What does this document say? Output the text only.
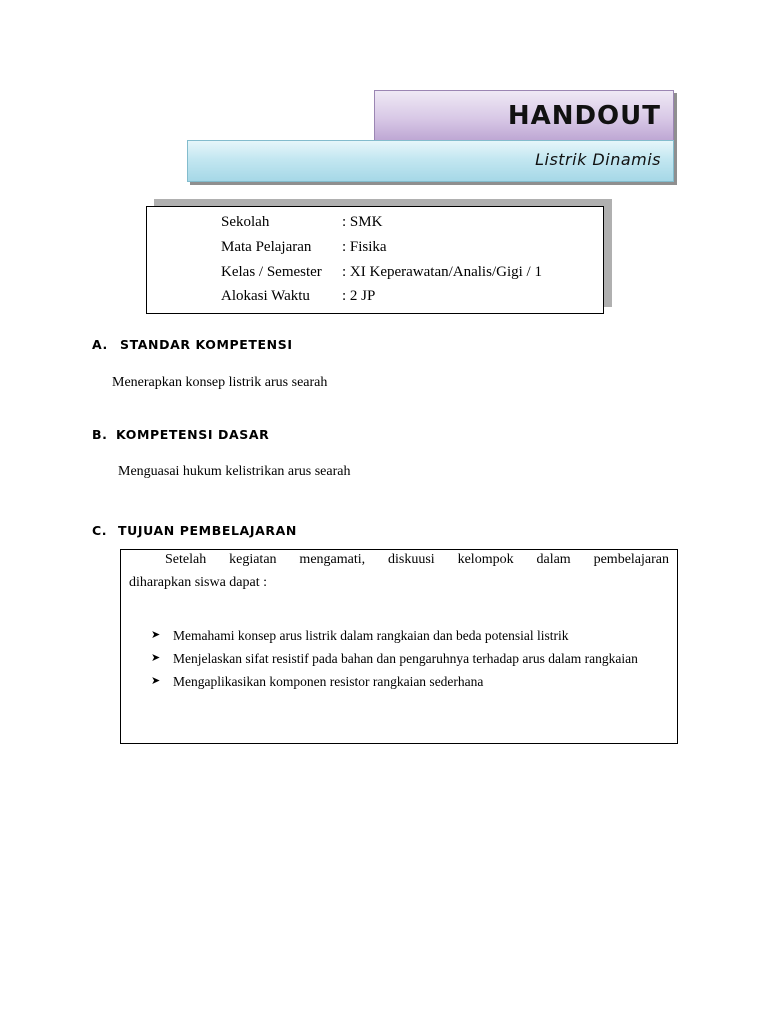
HANDOUT
Listrik Dinamis
Sekolah	: SMK
Mata Pelajaran : Fisika
Kelas / Semester : XI Keperawatan/Analis/Gigi / 1
Alokasi Waktu : 2 JP
A. STANDAR KOMPETENSI
Menerapkan konsep listrik arus searah
B. KOMPETENSI DASAR
Menguasai hukum kelistrikan arus searah
C. TUJUAN PEMBELAJARAN
Setelah kegiatan mengamati, diskuusi kelompok dalam pembelajaran
diharapkan siswa dapat :
➤ Memahami konsep arus listrik dalam rangkaian dan beda potensial listrik
➤ Menjelaskan sifat resistif pada bahan dan pengaruhnya terhadap arus dalam rangkaian
➤ Mengaplikasikan komponen resistor rangkaian sederhana
